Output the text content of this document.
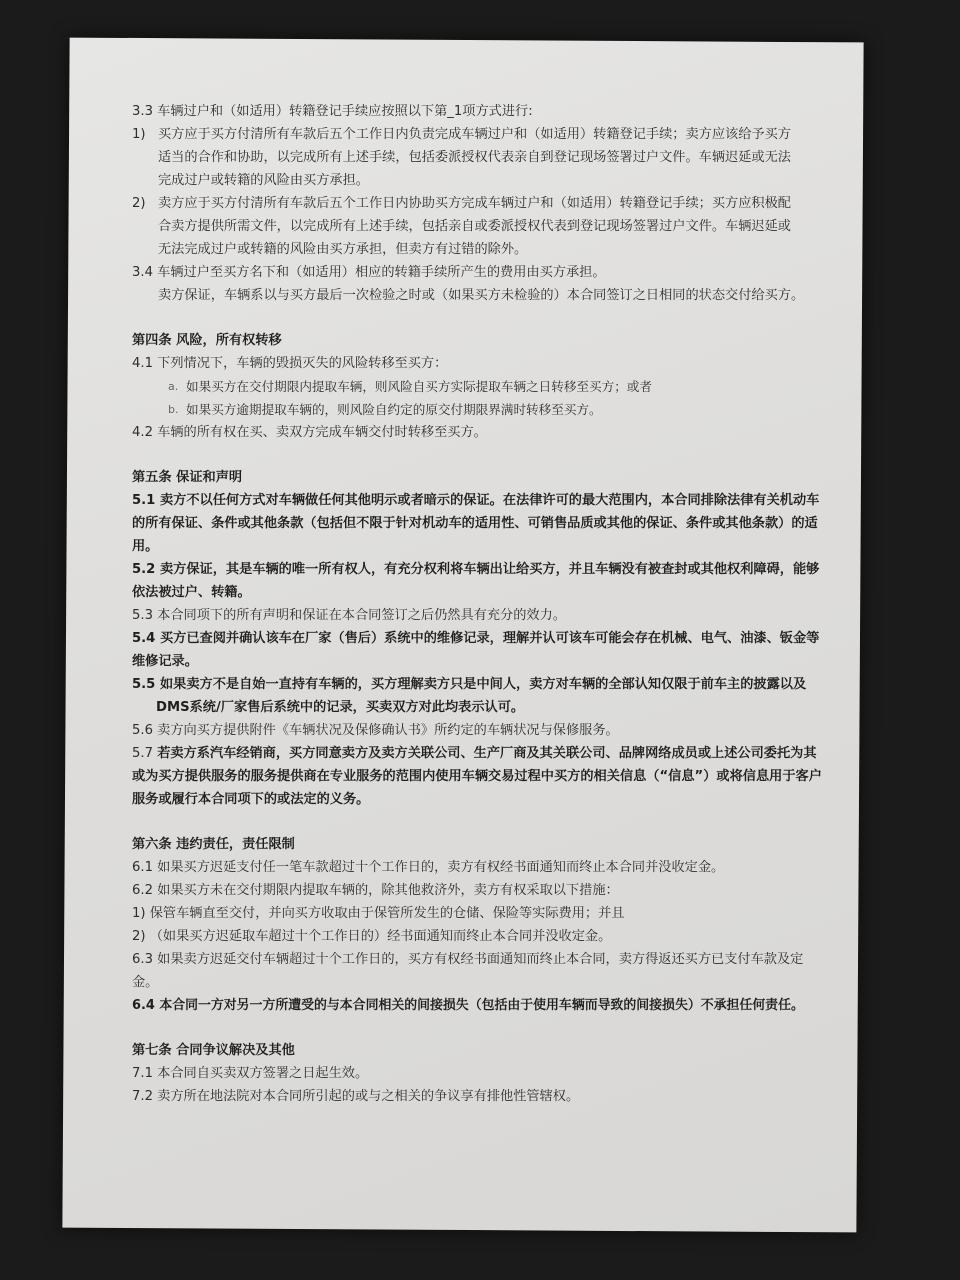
3.3 车辆过户和（如适用）转籍登记手续应按照以下第_1项方式进行:
1) 买方应于买方付清所有车款后五个工作日内负责完成车辆过户和（如适用）转籍登记手续；卖方应该给予买方
适当的合作和协助，以完成所有上述手续，包括委派授权代表亲自到登记现场签署过户文件。车辆迟延或无法
完成过户或转籍的风险由买方承担。
2) 卖方应于买方付清所有车款后五个工作日内协助买方完成车辆过户和（如适用）转籍登记手续；买方应积极配
合卖方提供所需文件，以完成所有上述手续，包括亲自或委派授权代表到登记现场签署过户文件。车辆迟延或
无法完成过户或转籍的风险由买方承担，但卖方有过错的除外。
3.4 车辆过户至买方名下和（如适用）相应的转籍手续所产生的费用由买方承担。
卖方保证，车辆系以与买方最后一次检验之时或（如果买方未检验的）本合同签订之日相同的状态交付给买方。
第四条 风险，所有权转移
4.1 下列情况下，车辆的毁损灭失的风险转移至买方：
a. 如果买方在交付期限内提取车辆，则风险自买方实际提取车辆之日转移至买方；或者
b. 如果买方逾期提取车辆的，则风险自约定的原交付期限界满时转移至买方。
4.2 车辆的所有权在买、卖双方完成车辆交付时转移至买方。
第五条 保证和声明
5.1 卖方不以任何方式对车辆做任何其他明示或者暗示的保证。在法律许可的最大范围内，本合同排除法律有关机动车的所有保证、条件或其他条款（包括但不限于针对机动车的适用性、可销售品质或其他的保证、条件或其他条款）的适用。
5.2 卖方保证，其是车辆的唯一所有权人，有充分权利将车辆出让给买方，并且车辆没有被查封或其他权利障碍，能够依法被过户、转籍。
5.3 本合同项下的所有声明和保证在本合同签订之后仍然具有充分的效力。
5.4 买方已查阅并确认该车在厂家（售后）系统中的维修记录，理解并认可该车可能会存在机械、电气、油漆、钣金等维修记录。
5.5 如果卖方不是自始一直持有车辆的，买方理解卖方只是中间人，卖方对车辆的全部认知仅限于前车主的披露以及
DMS系统/厂家售后系统中的记录，买卖双方对此均表示认可。
5.6 卖方向买方提供附件《车辆状况及保修确认书》所约定的车辆状况与保修服务。
5.7 若卖方系汽车经销商，买方同意卖方及卖方关联公司、生产厂商及其关联公司、品牌网络成员或上述公司委托为其或为买方提供服务的服务提供商在专业服务的范围内使用车辆交易过程中买方的相关信息（“信息”）或将信息用于客户服务或履行本合同项下的或法定的义务。
第六条 违约责任，责任限制
6.1 如果买方迟延支付任一笔车款超过十个工作日的，卖方有权经书面通知而终止本合同并没收定金。
6.2 如果买方未在交付期限内提取车辆的，除其他救济外，卖方有权采取以下措施：
1) 保管车辆直至交付，并向买方收取由于保管所发生的仓储、保险等实际费用；并且
2) （如果买方迟延取车超过十个工作日的）经书面通知而终止本合同并没收定金。
6.3 如果卖方迟延交付车辆超过十个工作日的，买方有权经书面通知而终止本合同，卖方得返还买方已支付车款及定金。
6.4 本合同一方对另一方所遭受的与本合同相关的间接损失（包括由于使用车辆而导致的间接损失）不承担任何责任。
第七条 合同争议解决及其他
7.1 本合同自买卖双方签署之日起生效。
7.2 卖方所在地法院对本合同所引起的或与之相关的争议享有排他性管辖权。
